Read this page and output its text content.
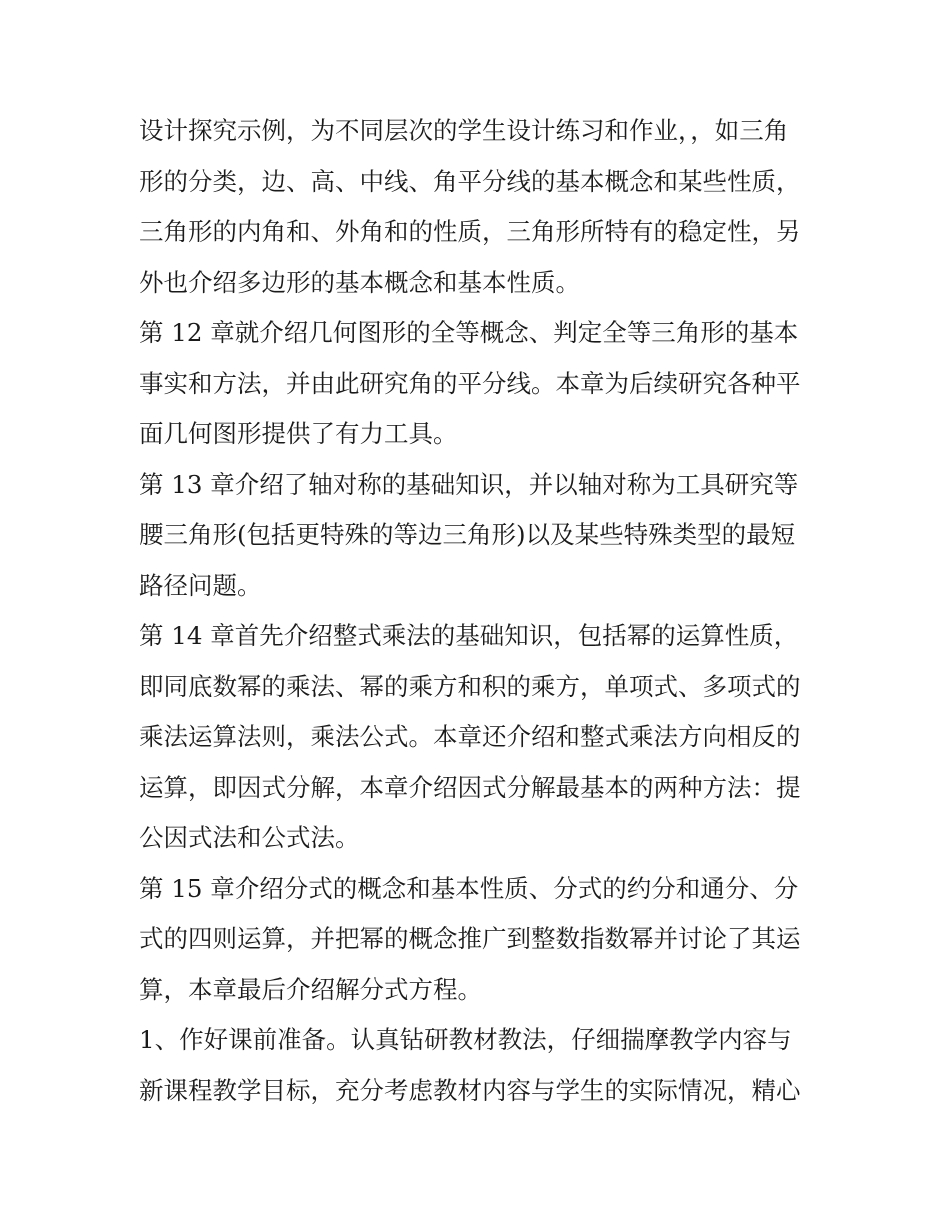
设计探究示例，为不同层次的学生设计练习和作业，，如三角
形的分类，边、高、中线、角平分线的基本概念和某些性质，
三角形的内角和、外角和的性质，三角形所特有的稳定性，另
外也介绍多边形的基本概念和基本性质。
第 12 章就介绍几何图形的全等概念、判定全等三角形的基本
事实和方法，并由此研究角的平分线。本章为后续研究各种平
面几何图形提供了有力工具。
第 13 章介绍了轴对称的基础知识，并以轴对称为工具研究等
腰三角形(包括更特殊的等边三角形)以及某些特殊类型的最短
路径问题。
第 14 章首先介绍整式乘法的基础知识，包括幂的运算性质，
即同底数幂的乘法、幂的乘方和积的乘方，单项式、多项式的
乘法运算法则，乘法公式。本章还介绍和整式乘法方向相反的
运算，即因式分解，本章介绍因式分解最基本的两种方法：提
公因式法和公式法。
第 15 章介绍分式的概念和基本性质、分式的约分和通分、分
式的四则运算，并把幂的概念推广到整数指数幂并讨论了其运
算，本章最后介绍解分式方程。
1、作好课前准备。认真钻研教材教法，仔细揣摩教学内容与
新课程教学目标，充分考虑教材内容与学生的实际情况，精心
